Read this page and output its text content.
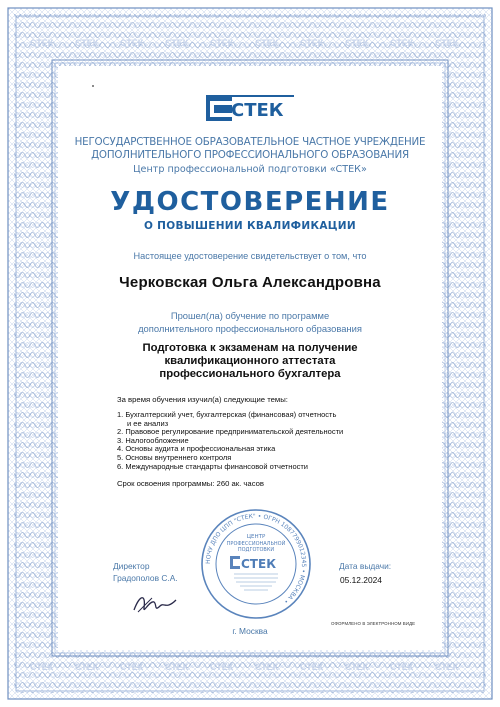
СТЕК СТЕК СТЕК СТЕК СТЕК СТЕК СТЕК СТЕК СТЕК СТЕК
СТЕК СТЕК СТЕК СТЕК СТЕК СТЕК СТЕК СТЕК СТЕК СТЕК
СТЕК
НЕГОСУДАРСТВЕННОЕ ОБРАЗОВАТЕЛЬНОЕ ЧАСТНОЕ УЧРЕЖДЕНИЕ
ДОПОЛНИТЕЛЬНОГО ПРОФЕССИОНАЛЬНОГО ОБРАЗОВАНИЯ
Центр профессиональной подготовки «СТЕК»
УДОСТОВЕРЕНИЕ
О ПОВЫШЕНИИ КВАЛИФИКАЦИИ
Настоящее удостоверение свидетельствует о том, что
Черковская Ольга Александровна
Прошел(ла) обучение по программе
дополнительного профессионального образования
Подготовка к экзаменам на получение
квалификационного аттестата
профессионального бухгалтера
За время обучения изучил(а) следующие темы:
1. Бухгалтерский учет, бухгалтерская (финансовая) отчетность
и ее анализ
2. Правовое регулирование предпринимательской деятельности
3. Налогообложение
4. Основы аудита и профессиональная этика
5. Основы внутреннего контроля
6. Международные стандарты финансовой отчетности
Срок освоения программы: 260 ак. часов
НОЧУ ДПО ЦПП "СТЕК" • ОГРН 1087799012345 • МОСКВА •
ЦЕНТР
ПРОФЕССИОНАЛЬНОЙ
ПОДГОТОВКИ
СТЕК
Директор
Градополов С.А.
Дата выдачи:
05.12.2024
г. Москва
ОФОРМЛЕНО В ЭЛЕКТРОННОМ ВИДЕ
